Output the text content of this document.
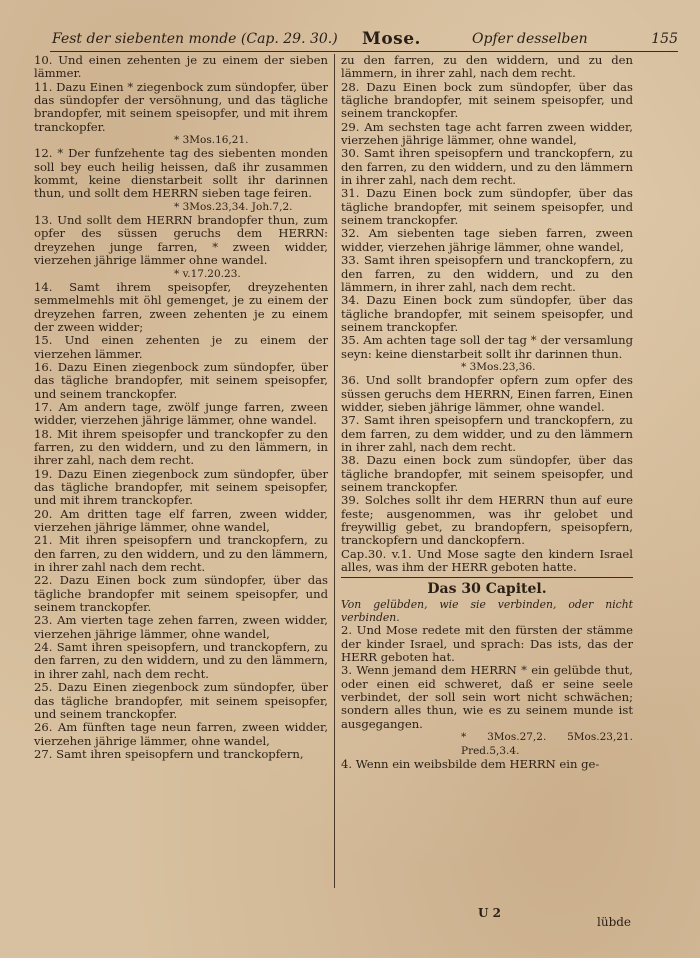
Fest der siebenten monde (Cap. 29. 30.) Mose.	Opfer desselben	155

10. Und einen zehenten je zu einem der sieben lämmer.

11. Dazu Einen * ziegenbock zum sündopfer, über das sündopfer der versöhnung, und das tägliche brandopfer, mit seinem speisopfer, und mit ihrem tranckopfer.

* 3Mos.16,21.

12. * Der funfzehente tag des siebenten monden soll bey euch heilig heissen, daß ihr zusammen kommt, keine dienstarbeit sollt ihr darinnen thun, und sollt dem HERRN sieben tage feiren.

* 3Mos.23,34. Joh.7,2.

13. Und sollt dem HERRN brandopfer thun, zum opfer des süssen geruchs dem HERRN: dreyzehen junge farren, * zween widder, vierzehen jährige lämmer ohne wandel.

* v.17.20.23.

14. Samt ihrem speisopfer, dreyzehenten semmelmehls mit öhl gemenget, je zu einem der dreyzehen farren, zween zehenten je zu einem der zween widder;

15. Und einen zehenten je zu einem der vierzehen lämmer.

16. Dazu Einen ziegenbock zum sündopfer, über das tägliche brandopfer, mit seinem speisopfer, und seinem tranckopfer.

17. Am andern tage, zwölf junge farren, zween widder, vierzehen jährige lämmer, ohne wandel.

18. Mit ihrem speisopfer und tranckopfer zu den farren, zu den widdern, und zu den lämmern, in ihrer zahl, nach dem recht.

19. Dazu Einen ziegenbock zum sündopfer, über das tägliche brandopfer, mit seinem speisopfer, und mit ihrem tranckopfer.

20. Am dritten tage elf farren, zween widder, vierzehen jährige lämmer, ohne wandel,

21. Mit ihren speisopfern und tranckopfern, zu den farren, zu den widdern, und zu den lämmern, in ihrer zahl nach dem recht.

22. Dazu Einen bock zum sündopfer, über das tägliche brandopfer mit seinem speisopfer, und seinem tranckopfer.

23. Am vierten tage zehen farren, zween widder, vierzehen jährige lämmer, ohne wandel,

24. Samt ihren speisopfern, und tranckopfern, zu den farren, zu den widdern, und zu den lämmern, in ihrer zahl, nach dem recht.

25. Dazu Einen ziegenbock zum sündopfer, über das tägliche brandopfer, mit seinem speisopfer, und seinem tranckopfer.

26. Am fünften tage neun farren, zween widder, vierzehen jährige lämmer, ohne wandel,

27. Samt ihren speisopfern und tranckopfern,

zu den farren, zu den widdern, und zu den lämmern, in ihrer zahl, nach dem recht.

28. Dazu Einen bock zum sündopfer, über das tägliche brandopfer, mit seinem speisopfer, und seinem tranckopfer.

29. Am sechsten tage acht farren zween widder, vierzehen jährige lämmer, ohne wandel,

30. Samt ihren speisopfern und tranckopfern, zu den farren, zu den widdern, und zu den lämmern in ihrer zahl, nach dem recht.

31. Dazu Einen bock zum sündopfer, über das tägliche brandopfer, mit seinem speisopfer, und seinem tranckopfer.

32. Am siebenten tage sieben farren, zween widder, vierzehen jährige lämmer, ohne wandel,

33. Samt ihren speisopfern und tranckopfern, zu den farren, zu den widdern, und zu den lämmern, in ihrer zahl, nach dem recht.

34. Dazu Einen bock zum sündopfer, über das tägliche brandopfer, mit seinem speisopfer, und seinem tranckopfer.

35. Am achten tage soll der tag * der versamlung seyn: keine dienstarbeit sollt ihr darinnen thun.

* 3Mos.23,36.

36. Und sollt brandopfer opfern zum opfer des süssen geruchs dem HERRN, Einen farren, Einen widder, sieben jährige lämmer, ohne wandel.

37. Samt ihren speisopfern und tranckopfern, zu dem farren, zu dem widder, und zu den lämmern in ihrer zahl, nach dem recht.

38. Dazu einen bock zum sündopfer, über das tägliche brandopfer, mit seinem speisopfer, und seinem tranckopfer.

39. Solches sollt ihr dem HERRN thun auf eure feste; ausgenommen, was ihr gelobet und freywillig gebet, zu brandopfern, speisopfern, tranckopfern und danckopfern.

Cap.30. v.1. Und Mose sagte den kindern Israel alles, was ihm der HERR geboten hatte.

Das 30 Capitel.

Von gelübden, wie sie verbinden, oder nicht verbinden.

2. Und Mose redete mit den fürsten der stämme der kinder Israel, und sprach: Das ists, das der HERR geboten hat.

3. Wenn jemand dem HERRN * ein gelübde thut, oder einen eid schweret, daß er seine seele verbindet, der soll sein wort nicht schwächen; sondern alles thun, wie es zu seinem munde ist ausgegangen.

* 3Mos.27,2. 5Mos.23,21. Pred.5,3.4.

4. Wenn ein weibsbilde dem HERRN ein ge-

U 2
lübde
